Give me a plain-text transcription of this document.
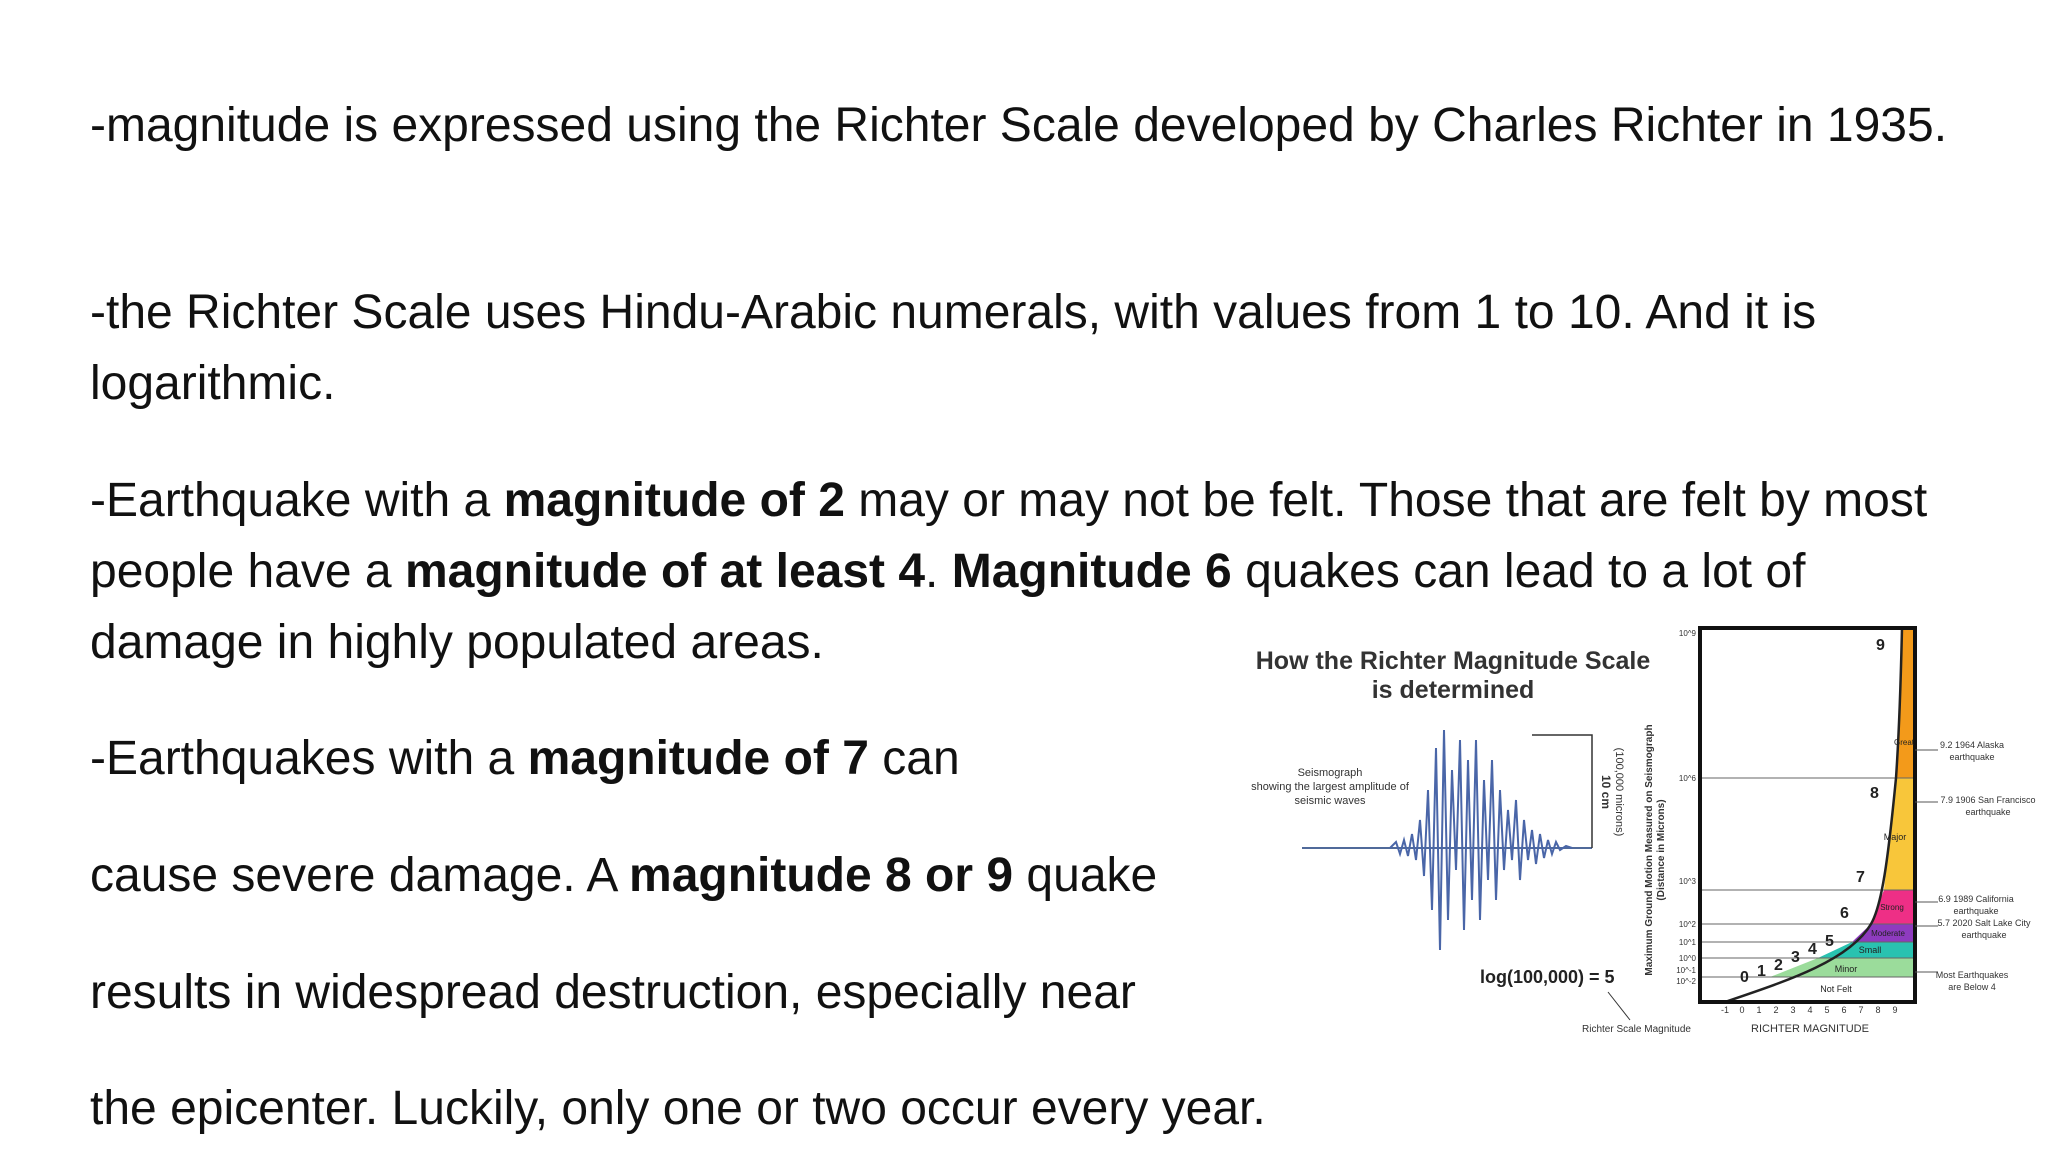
-magnitude is expressed using the Richter Scale developed by Charles Richter in 1935.

-the Richter Scale uses Hindu-Arabic numerals, with values from 1 to 10. And it is logarithmic.

-Earthquake with a magnitude of 2 may or may not be felt. Those that are felt by most people have a magnitude of at least 4. Magnitude 6 quakes can lead to a lot of damage in highly populated areas.

-Earthquakes with a magnitude of 7 can

cause severe damage. A magnitude 8 or 9 quake

results in widespread destruction, especially near

the epicenter. Luckily, only one or two occur every year.

How the Richter Magnitude Scale
is determined
Seismograph
showing the largest amplitude of
seismic waves	10 cm (100,000 microns)
log(100,000) = 5
Richter Scale Magnitude
Maximum Ground Motion Measured on Seismograph (Distance in Microns)
Great
Major
Strong
Moderate
Small
Minor
Not Felt
0 1 2 3 4 5
6
7
8
9
10^9
10^6
10^3
10^2
10^1
10^0
10^-1
10^-2
-1 0 1 2 3 4 5 6 7 8 9
RICHTER MAGNITUDE
9.2 1964 Alaska
earthquake
7.9 1906 San Francisco
earthquake
6.9 1989 California
earthquake
5.7 2020 Salt Lake City
earthquake
Most Earthquakes
are Below 4
